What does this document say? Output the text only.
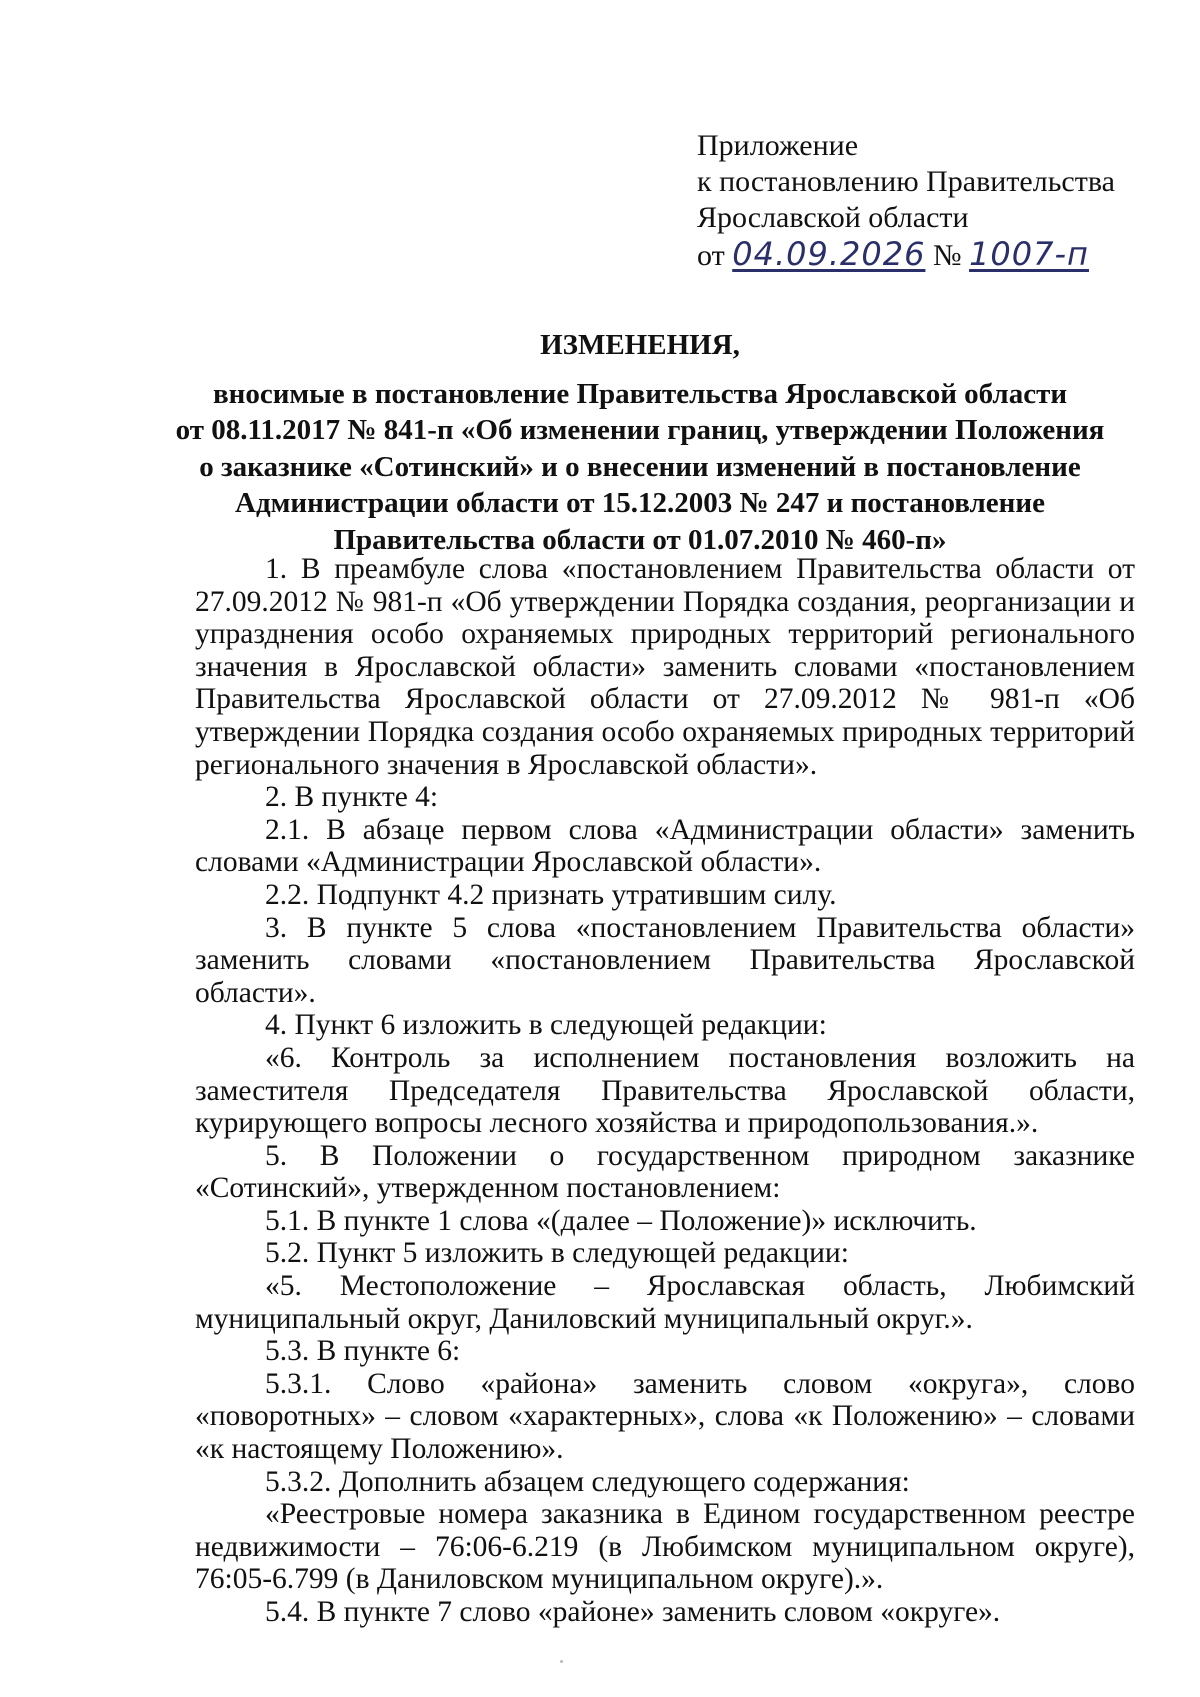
Приложение
к постановлению Правительства
Ярославской области
от 04.09.2026 № 1007-п
ИЗМЕНЕНИЯ,
вносимые в постановление Правительства Ярославской области
от 08.11.2017 № 841-п «Об изменении границ, утверждении Положения
о заказнике «Сотинский» и о внесении изменений в постановление
Администрации области от 15.12.2003 № 247 и постановление
Правительства области от 01.07.2010 № 460-п»

1. В преамбуле слова «постановлением Правительства области от 27.09.2012 № 981-п «Об утверждении Порядка создания, реорганизации и упразднения особо охраняемых природных территорий регионального значения в Ярославской области» заменить словами «постановлением Правительства Ярославской области от 27.09.2012 № 981-п «Об утверждении Порядка создания особо охраняемых природных территорий регионального значения в Ярославской области».

2. В пункте 4:

2.1. В абзаце первом слова «Администрации области» заменить словами «Администрации Ярославской области».

2.2. Подпункт 4.2 признать утратившим силу.

3. В пункте 5 слова «постановлением Правительства области» заменить словами «постановлением Правительства Ярославской области».

4. Пункт 6 изложить в следующей редакции:

«6. Контроль за исполнением постановления возложить на заместителя Председателя Правительства Ярославской области, курирующего вопросы лесного хозяйства и природопользования.».

5. В Положении о государственном природном заказнике «Сотинский», утвержденном постановлением:

5.1. В пункте 1 слова «(далее – Положение)» исключить.

5.2. Пункт 5 изложить в следующей редакции:

«5. Местоположение – Ярославская область, Любимский муниципальный округ, Даниловский муниципальный округ.».

5.3. В пункте 6:

5.3.1. Слово «района» заменить словом «округа», слово «поворотных» – словом «характерных», слова «к Положению» – словами «к настоящему Положению».

5.3.2. Дополнить абзацем следующего содержания:

«Реестровые номера заказника в Едином государственном реестре недвижимости – 76:06-6.219 (в Любимском муниципальном округе), 76:05-6.799 (в Даниловском муниципальном округе).».

5.4. В пункте 7 слово «районе» заменить словом «округе».
